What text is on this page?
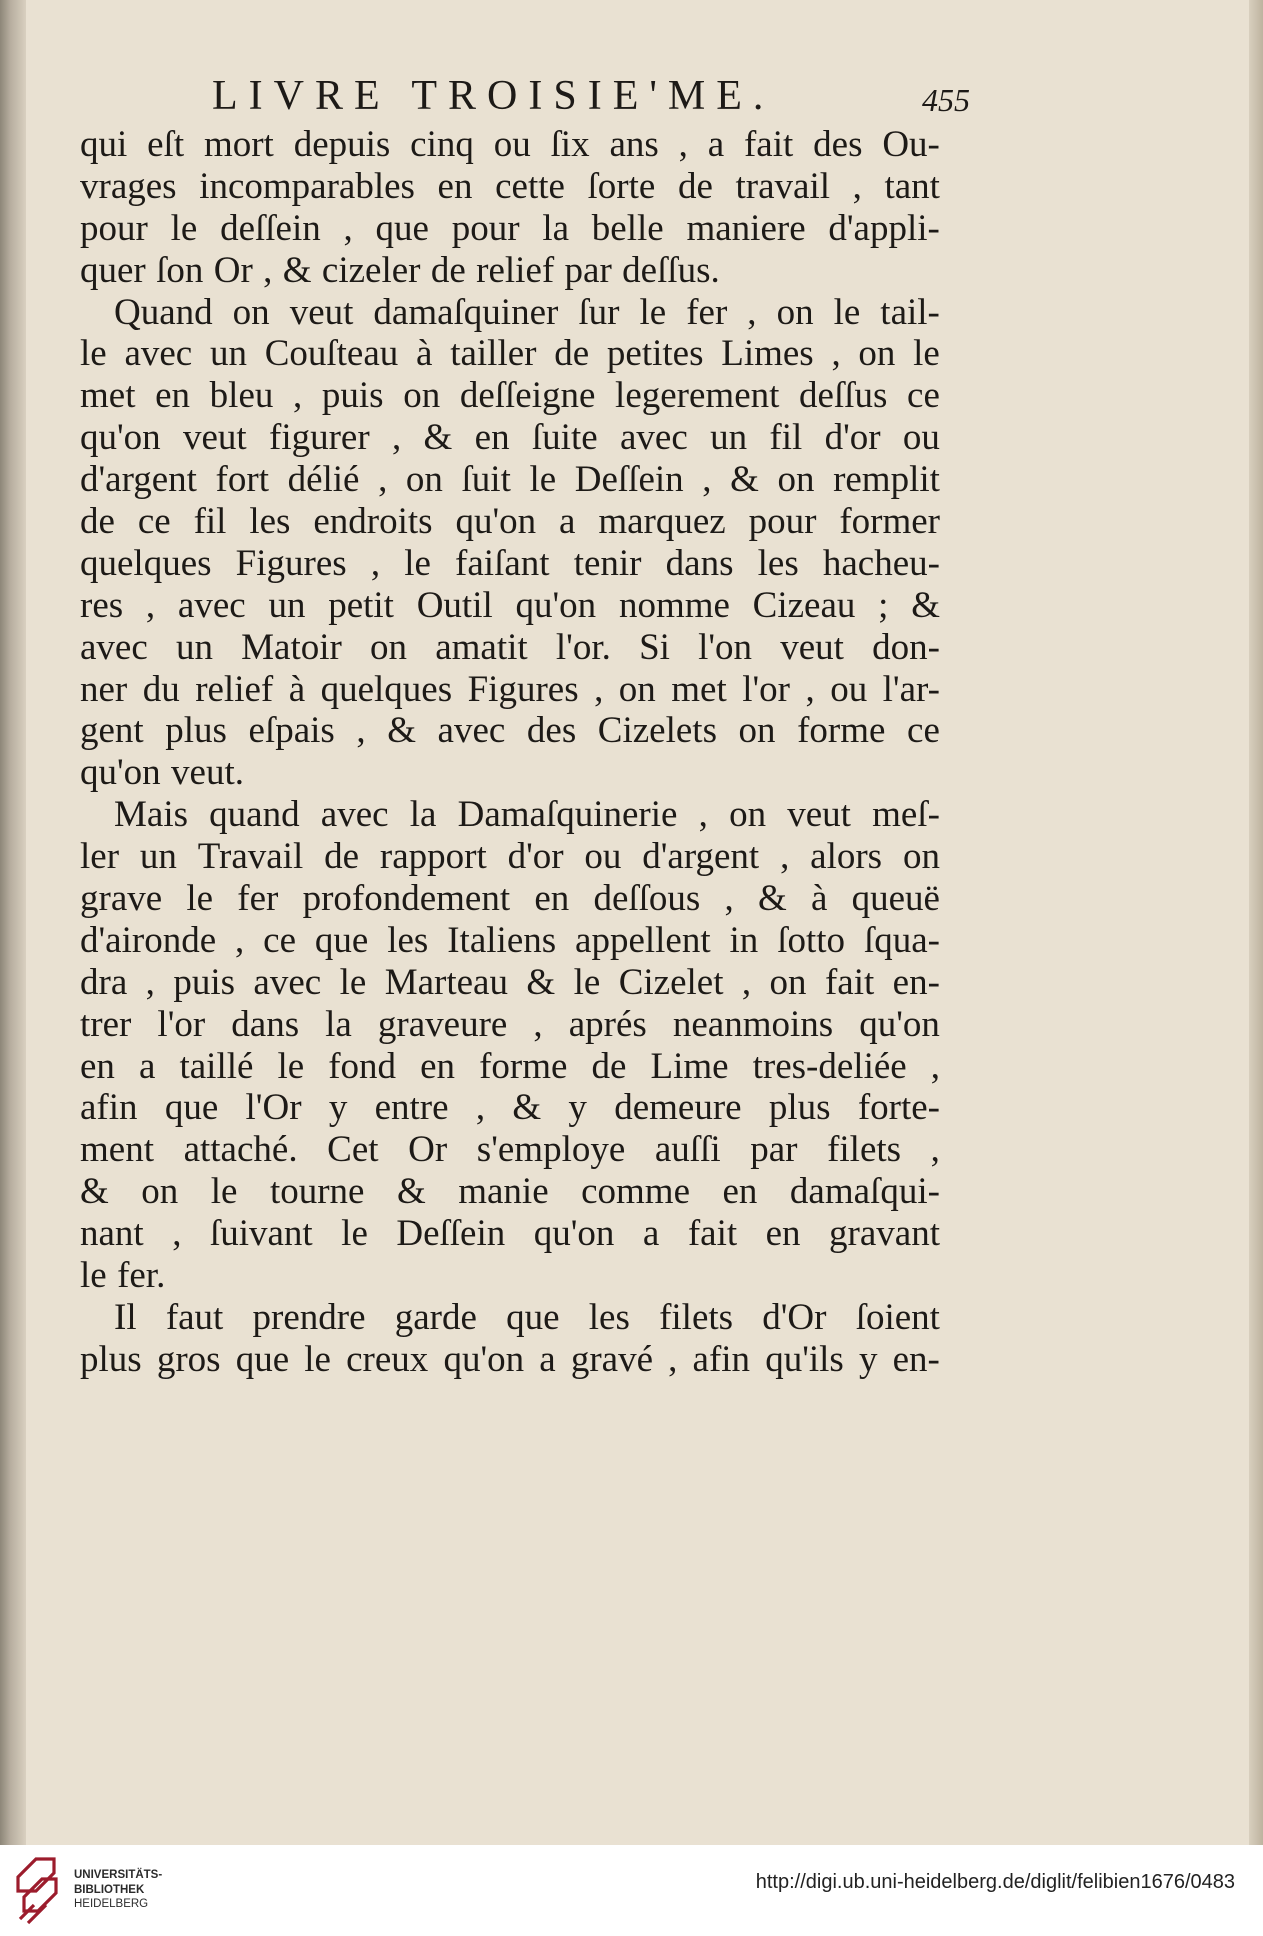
LIVRE TROISIE'ME.	455
qui eſt mort depuis cinq ou ſix ans , a fait des Ou-
vrages incomparables en cette ſorte de travail , tant
pour le deſſein , que pour la belle maniere d'appli-
quer ſon Or , & cizeler de relief par deſſus.
Quand on veut damaſquiner ſur le fer , on le tail-
le avec un Couſteau à tailler de petites Limes , on le
met en bleu , puis on deſſeigne legerement deſſus ce
qu'on veut figurer , & en ſuite avec un fil d'or ou
d'argent fort délié , on ſuit le Deſſein , & on remplit
de ce fil les endroits qu'on a marquez pour former
quelques Figures , le faiſant tenir dans les hacheu-
res , avec un petit Outil qu'on nomme Cizeau ; &
avec un Matoir on amatit l'or. Si l'on veut don-
ner du relief à quelques Figures , on met l'or , ou l'ar-
gent plus eſpais , & avec des Cizelets on forme ce
qu'on veut.
Mais quand avec la Damaſquinerie , on veut meſ-
ler un Travail de rapport d'or ou d'argent , alors on
grave le fer profondement en deſſous , & à queuë
d'aironde , ce que les Italiens appellent in ſotto ſqua-
dra , puis avec le Marteau & le Cizelet , on fait en-
trer l'or dans la graveure , aprés neanmoins qu'on
en a taillé le fond en forme de Lime tres-deliée ,
afin que l'Or y entre , & y demeure plus forte-
ment attaché. Cet Or s'employe auſſi par filets ,
& on le tourne & manie comme en damaſqui-
nant , ſuivant le Deſſein qu'on a fait en gravant
le fer.
Il faut prendre garde que les filets d'Or ſoient
plus gros que le creux qu'on a gravé , afin qu'ils y en-
UNIVERSITÄTS-
BIBLIOTHEK
HEIDELBERG
http://digi.ub.uni-heidelberg.de/diglit/felibien1676/0483
